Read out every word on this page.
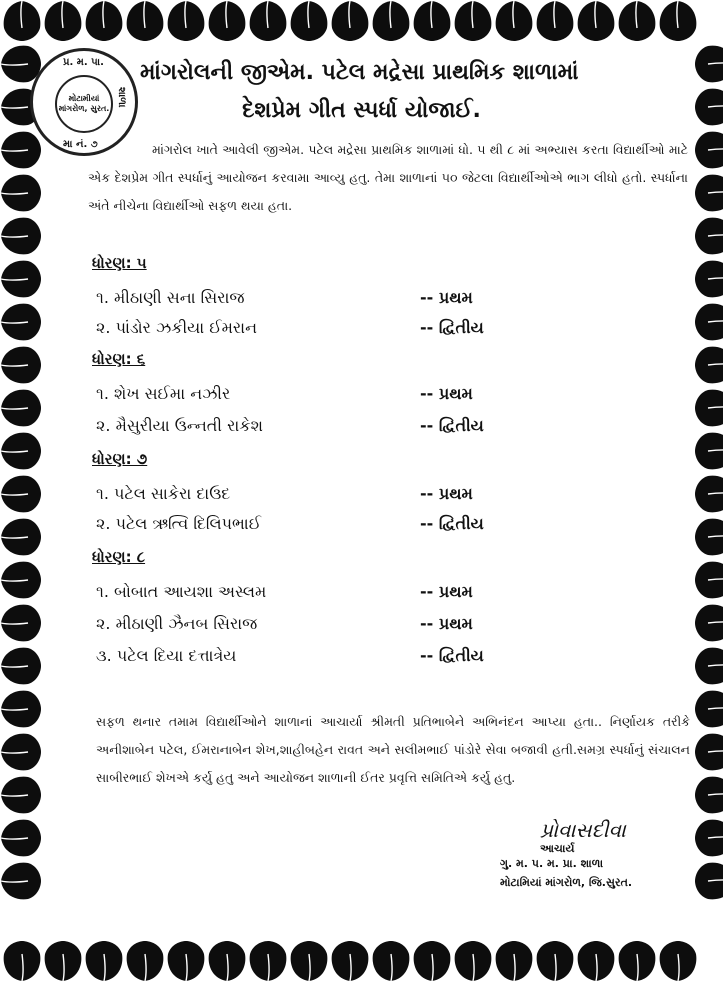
પ્ર. મ. ૫ા.
શાળા
મા નં. ૭
મોટામીયાં માંગરોળ, સુરત.
માંગરોલની જીએમ. પટેલ મદ્રેસા પ્રાથમિક શાળામાં
દેશપ્રેમ ગીત સ્પર્ધા યોજાઈ.
માંગરોલ ખાતે આવેલી જીએમ. પટેલ મદ્રેસા પ્રાથમિક શાળામાં ધો. ૫ થી ૮ માં અભ્યાસ કરતા વિદ્યાર્થીઓ માટે એક દેશપ્રેમ ગીત સ્પર્ધાનું આયોજન કરવામા આવ્યુ હતુ. તેમા શાળાનાં ૫૦ જેટલા વિદ્યાર્થીઓએ ભાગ લીધો હતો. સ્પર્ધાના અંતે નીચેના વિદ્યાર્થીઓ સફળ થયા હતા.
ધોરણ: ૫
૧. મીઠાણી સના સિરાજ	-- પ્રથમ
૨. પાંડોર ઝકીયા ઈમરાન	-- દ્વિતીય
ધોરણ: ૬
૧. શેખ સઈમા નઝીર	-- પ્રથમ
૨. મૈસુરીયા ઉન્નતી રાકેશ	-- દ્વિતીય
ધોરણ: ૭
૧. પટેલ સાકેરા દાઉદ	-- પ્રથમ
૨. પટેલ ઋત્વિ દિલિપભાઈ	-- દ્વિતીય
ધોરણ: ૮
૧. બોબાત આયશા અસ્લમ	-- પ્રથમ
૨. મીઠાણી ઝૈનબ સિરાજ	-- પ્રથમ
૩. પટેલ દિયા દત્તાત્રેય	-- દ્વિતીય
સફળ થનાર તમામ વિદ્યાર્થીઓને શાળાનાં આચાર્યા શ્રીમતી પ્રતિભાબેને અભિનંદન આપ્યા હતા.. નિર્ણાયક તરીકે અનીશાબેન પટેલ, ઈમરાનાબેન શેખ,શાહીબહેન રાવત અને સલીમભાઈ પાંડોરે સેવા બજાવી હતી.સમગ્ર સ્પર્ધાનું સંચાલન સાબીરભાઈ શેખએ કર્યુ હતુ અને આયોજન શાળાની ઈતર પ્રવૃત્તિ સમિતિએ કર્યુ હતુ.
પ્રોવાસદીવા
આચાર્ય
ગુ. મ. પ. મ. પ્રા. શાળા
મોટામિયાં માંગરોળ, જિ.સુરત.
